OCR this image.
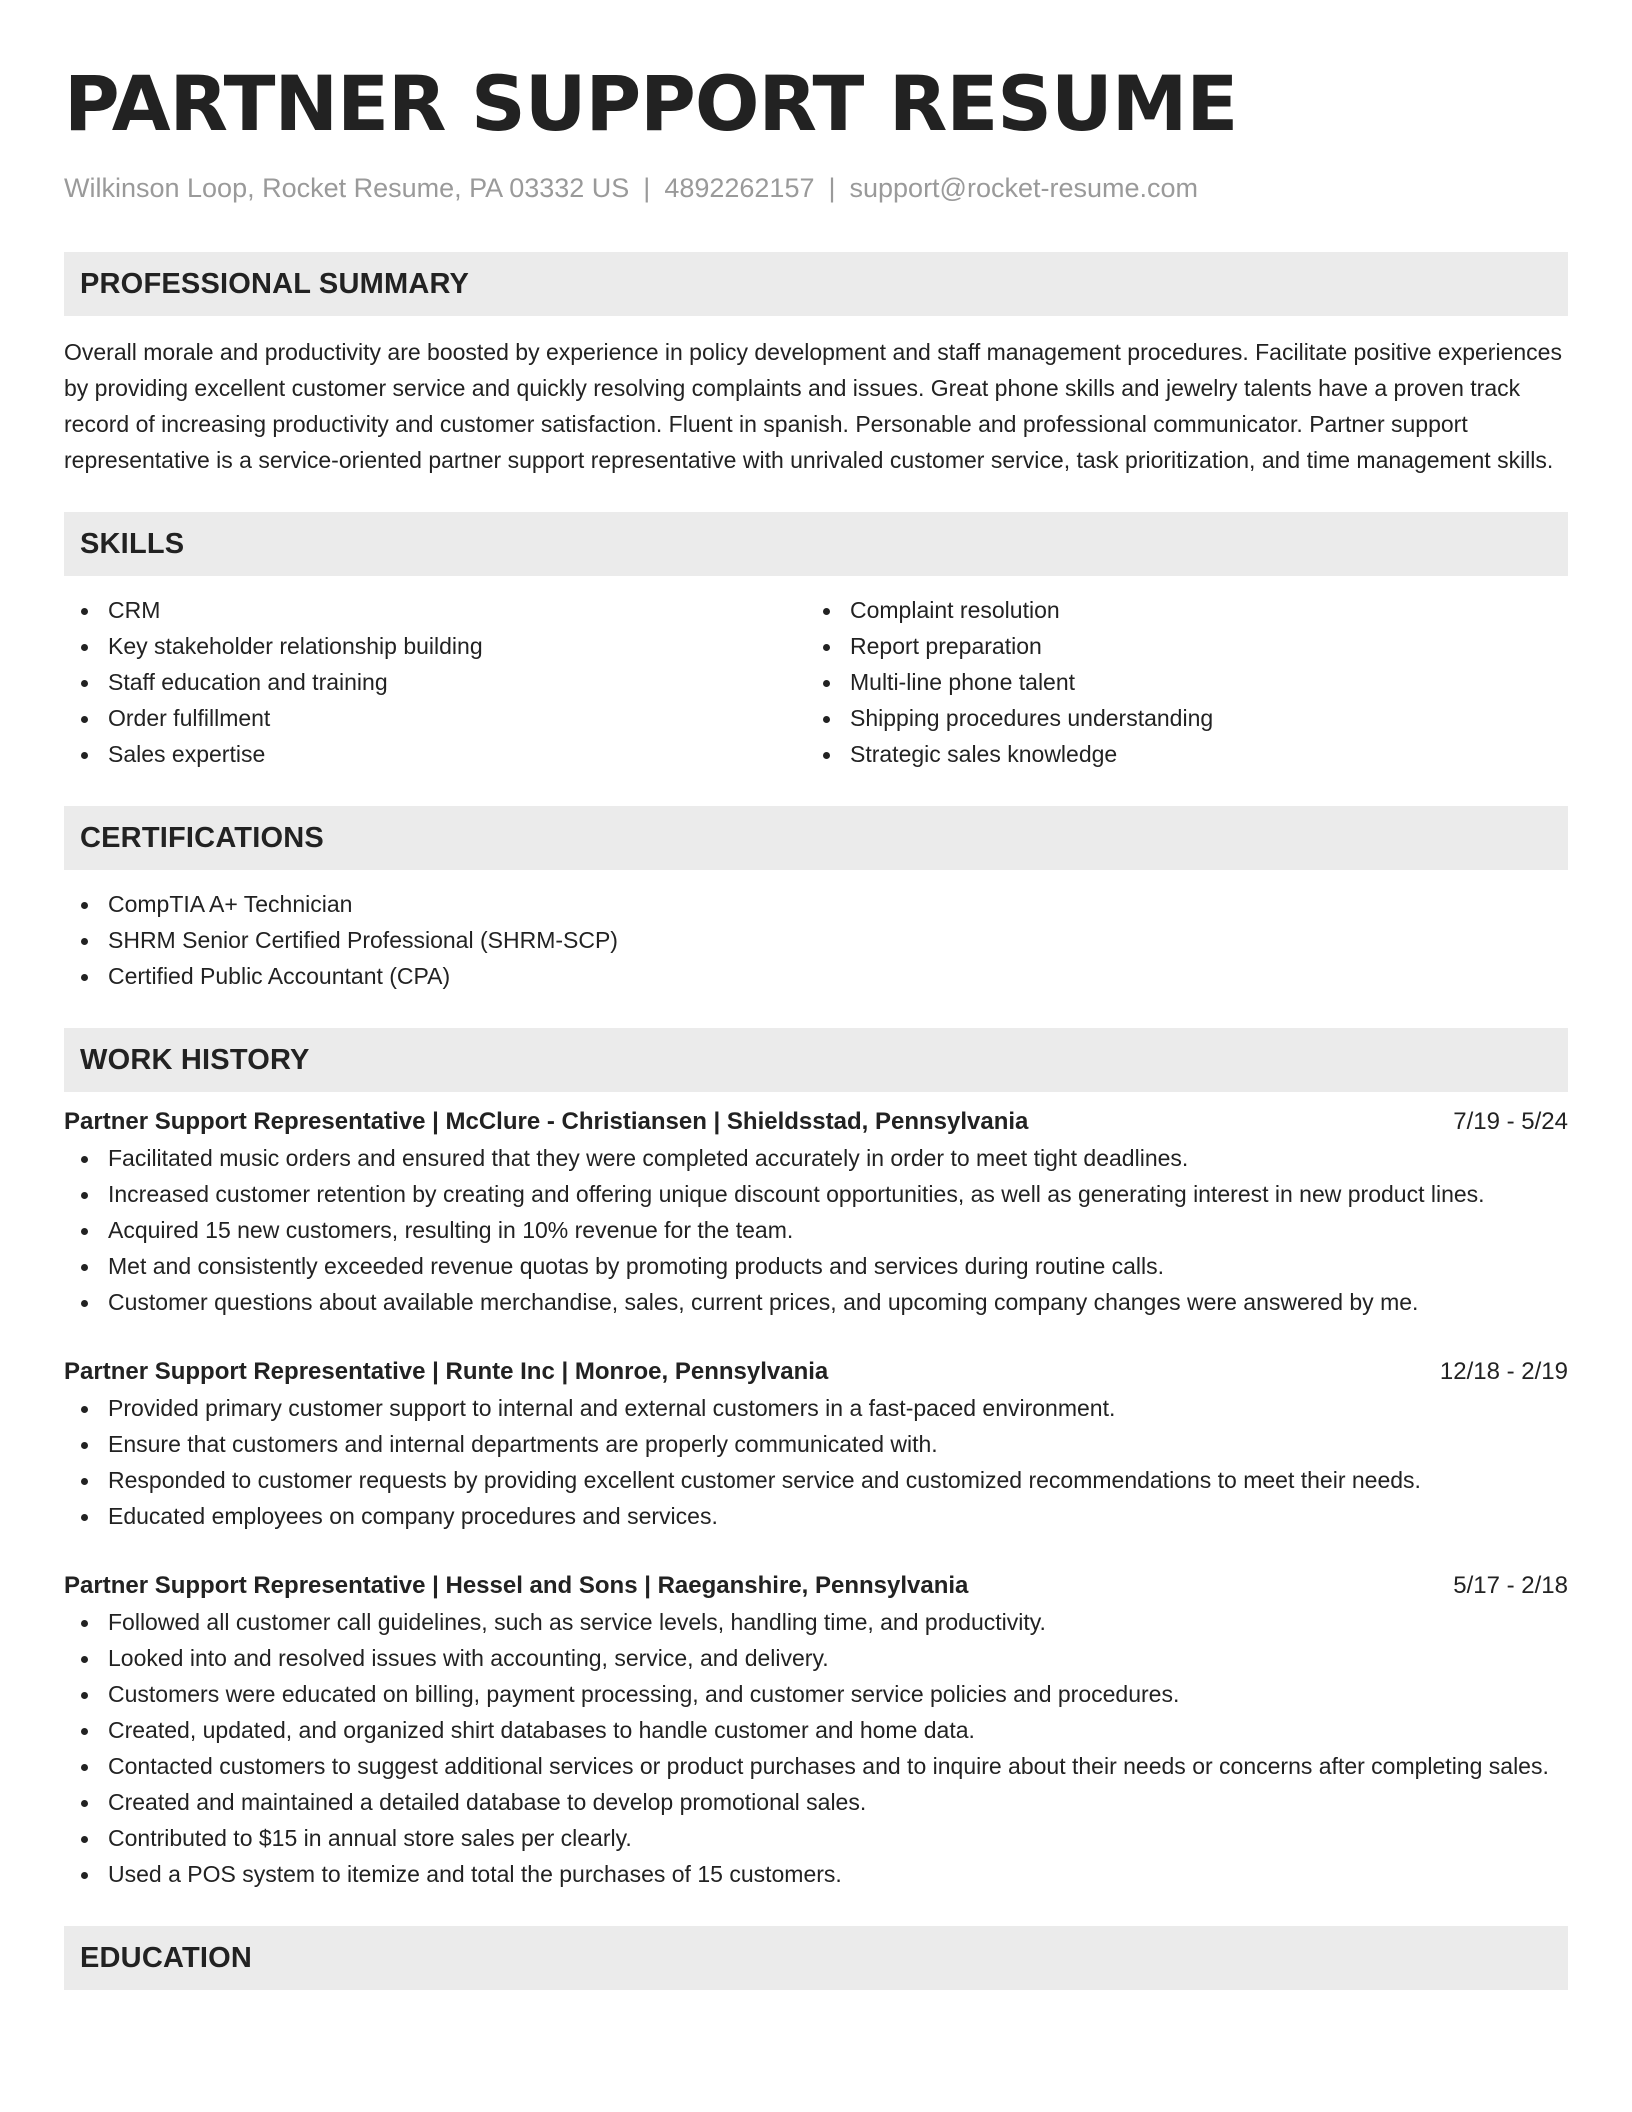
PARTNER SUPPORT RESUME
Wilkinson Loop, Rocket Resume, PA 03332 US | 4892262157 | support@rocket-resume.com
PROFESSIONAL SUMMARY

Overall morale and productivity are boosted by experience in policy development and staff management procedures. Facilitate positive experiences by providing excellent customer service and quickly resolving complaints and issues. Great phone skills and jewelry talents have a proven track record of increasing productivity and customer satisfaction. Fluent in spanish. Personable and professional communicator. Partner support representative is a service-oriented partner support representative with unrivaled customer service, task prioritization, and time management skills.

SKILLS
CRM
Key stakeholder relationship building
Staff education and training
Order fulfillment
Sales expertise
Complaint resolution
Report preparation
Multi-line phone talent
Shipping procedures understanding
Strategic sales knowledge
CERTIFICATIONS
CompTIA A+ Technician
SHRM Senior Certified Professional (SHRM-SCP)
Certified Public Accountant (CPA)
WORK HISTORY
Partner Support Representative | McClure - Christiansen | Shieldsstad, Pennsylvania	7/19 - 5/24
Facilitated music orders and ensured that they were completed accurately in order to meet tight deadlines.
Increased customer retention by creating and offering unique discount opportunities, as well as generating interest in new product lines.
Acquired 15 new customers, resulting in 10% revenue for the team.
Met and consistently exceeded revenue quotas by promoting products and services during routine calls.
Customer questions about available merchandise, sales, current prices, and upcoming company changes were answered by me.
Partner Support Representative | Runte Inc | Monroe, Pennsylvania	12/18 - 2/19
Provided primary customer support to internal and external customers in a fast-paced environment.
Ensure that customers and internal departments are properly communicated with.
Responded to customer requests by providing excellent customer service and customized recommendations to meet their needs.
Educated employees on company procedures and services.
Partner Support Representative | Hessel and Sons | Raeganshire, Pennsylvania	5/17 - 2/18
Followed all customer call guidelines, such as service levels, handling time, and productivity.
Looked into and resolved issues with accounting, service, and delivery.
Customers were educated on billing, payment processing, and customer service policies and procedures.
Created, updated, and organized shirt databases to handle customer and home data.
Contacted customers to suggest additional services or product purchases and to inquire about their needs or concerns after completing sales.
Created and maintained a detailed database to develop promotional sales.
Contributed to $15 in annual store sales per clearly.
Used a POS system to itemize and total the purchases of 15 customers.
EDUCATION
